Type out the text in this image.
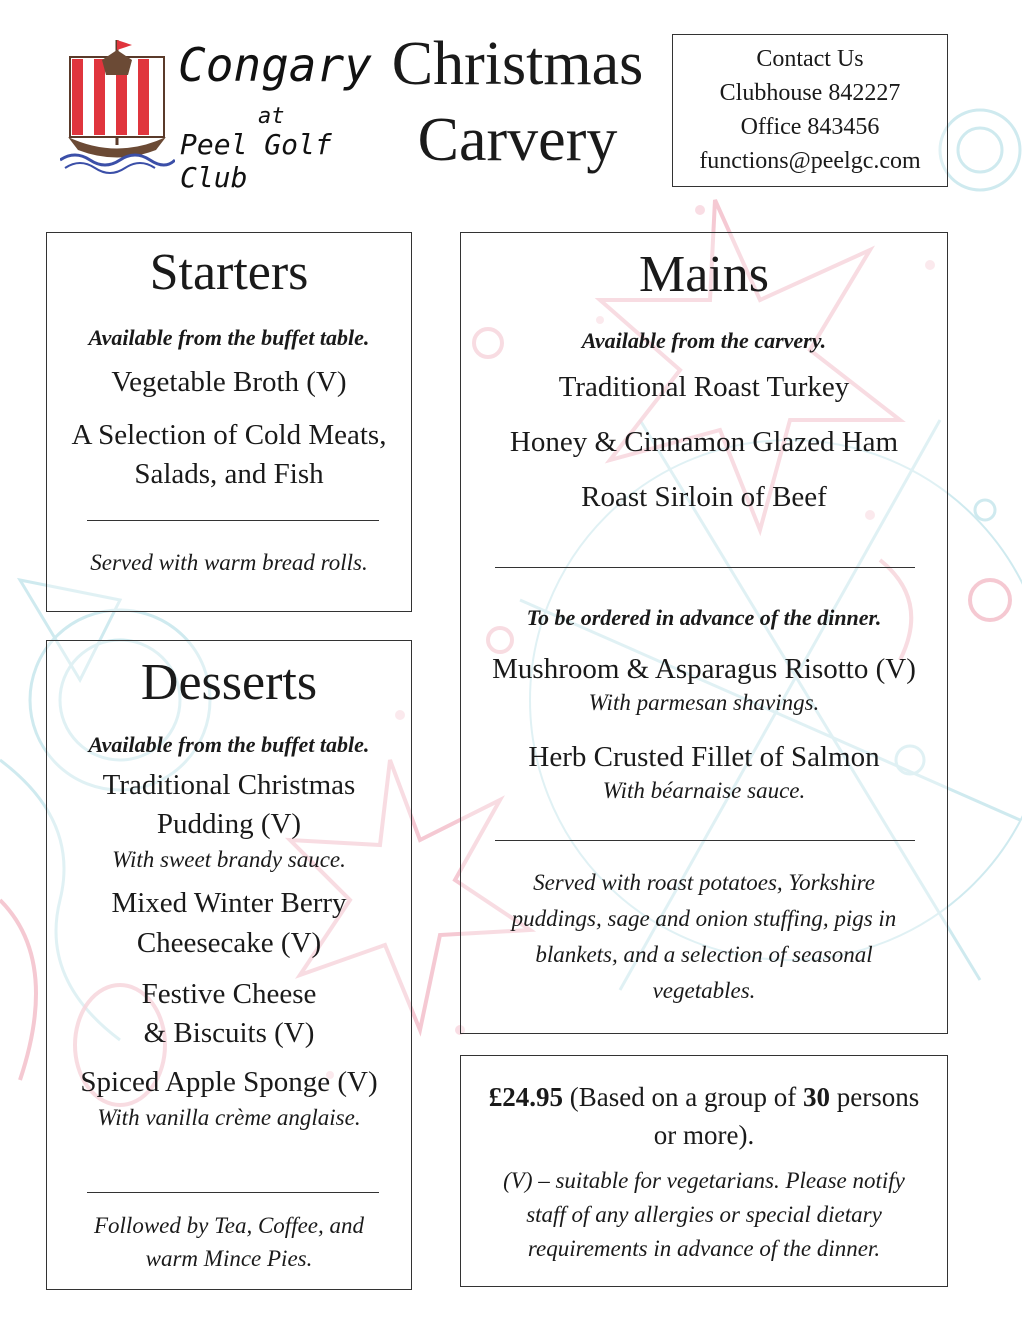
Congary
at
Peel Golf Club
Christmas
Carvery
Contact Us
Clubhouse 842227
Office 843456
functions@peelgc.com
Starters
Available from the buffet table.
Vegetable Broth (V)
A Selection of Cold Meats,
Salads, and Fish
Served with warm bread rolls.
Desserts
Available from the buffet table.
Traditional Christmas
Pudding (V)
With sweet brandy sauce.
Mixed Winter Berry
Cheesecake (V)
Festive Cheese
& Biscuits (V)
Spiced Apple Sponge (V)
With vanilla crème anglaise.
Followed by Tea, Coffee, and
warm Mince Pies.
Mains
Available from the carvery.
Traditional Roast Turkey
Honey & Cinnamon Glazed Ham
Roast Sirloin of Beef
To be ordered in advance of the dinner.
Mushroom & Asparagus Risotto (V)
With parmesan shavings.
Herb Crusted Fillet of Salmon
With béarnaise sauce.
Served with roast potatoes, Yorkshire
puddings, sage and onion stuffing, pigs in
blankets, and a selection of seasonal
vegetables.
£24.95 (Based on a group of 30 persons
or more).
(V) – suitable for vegetarians. Please notify
staff of any allergies or special dietary
requirements in advance of the dinner.
